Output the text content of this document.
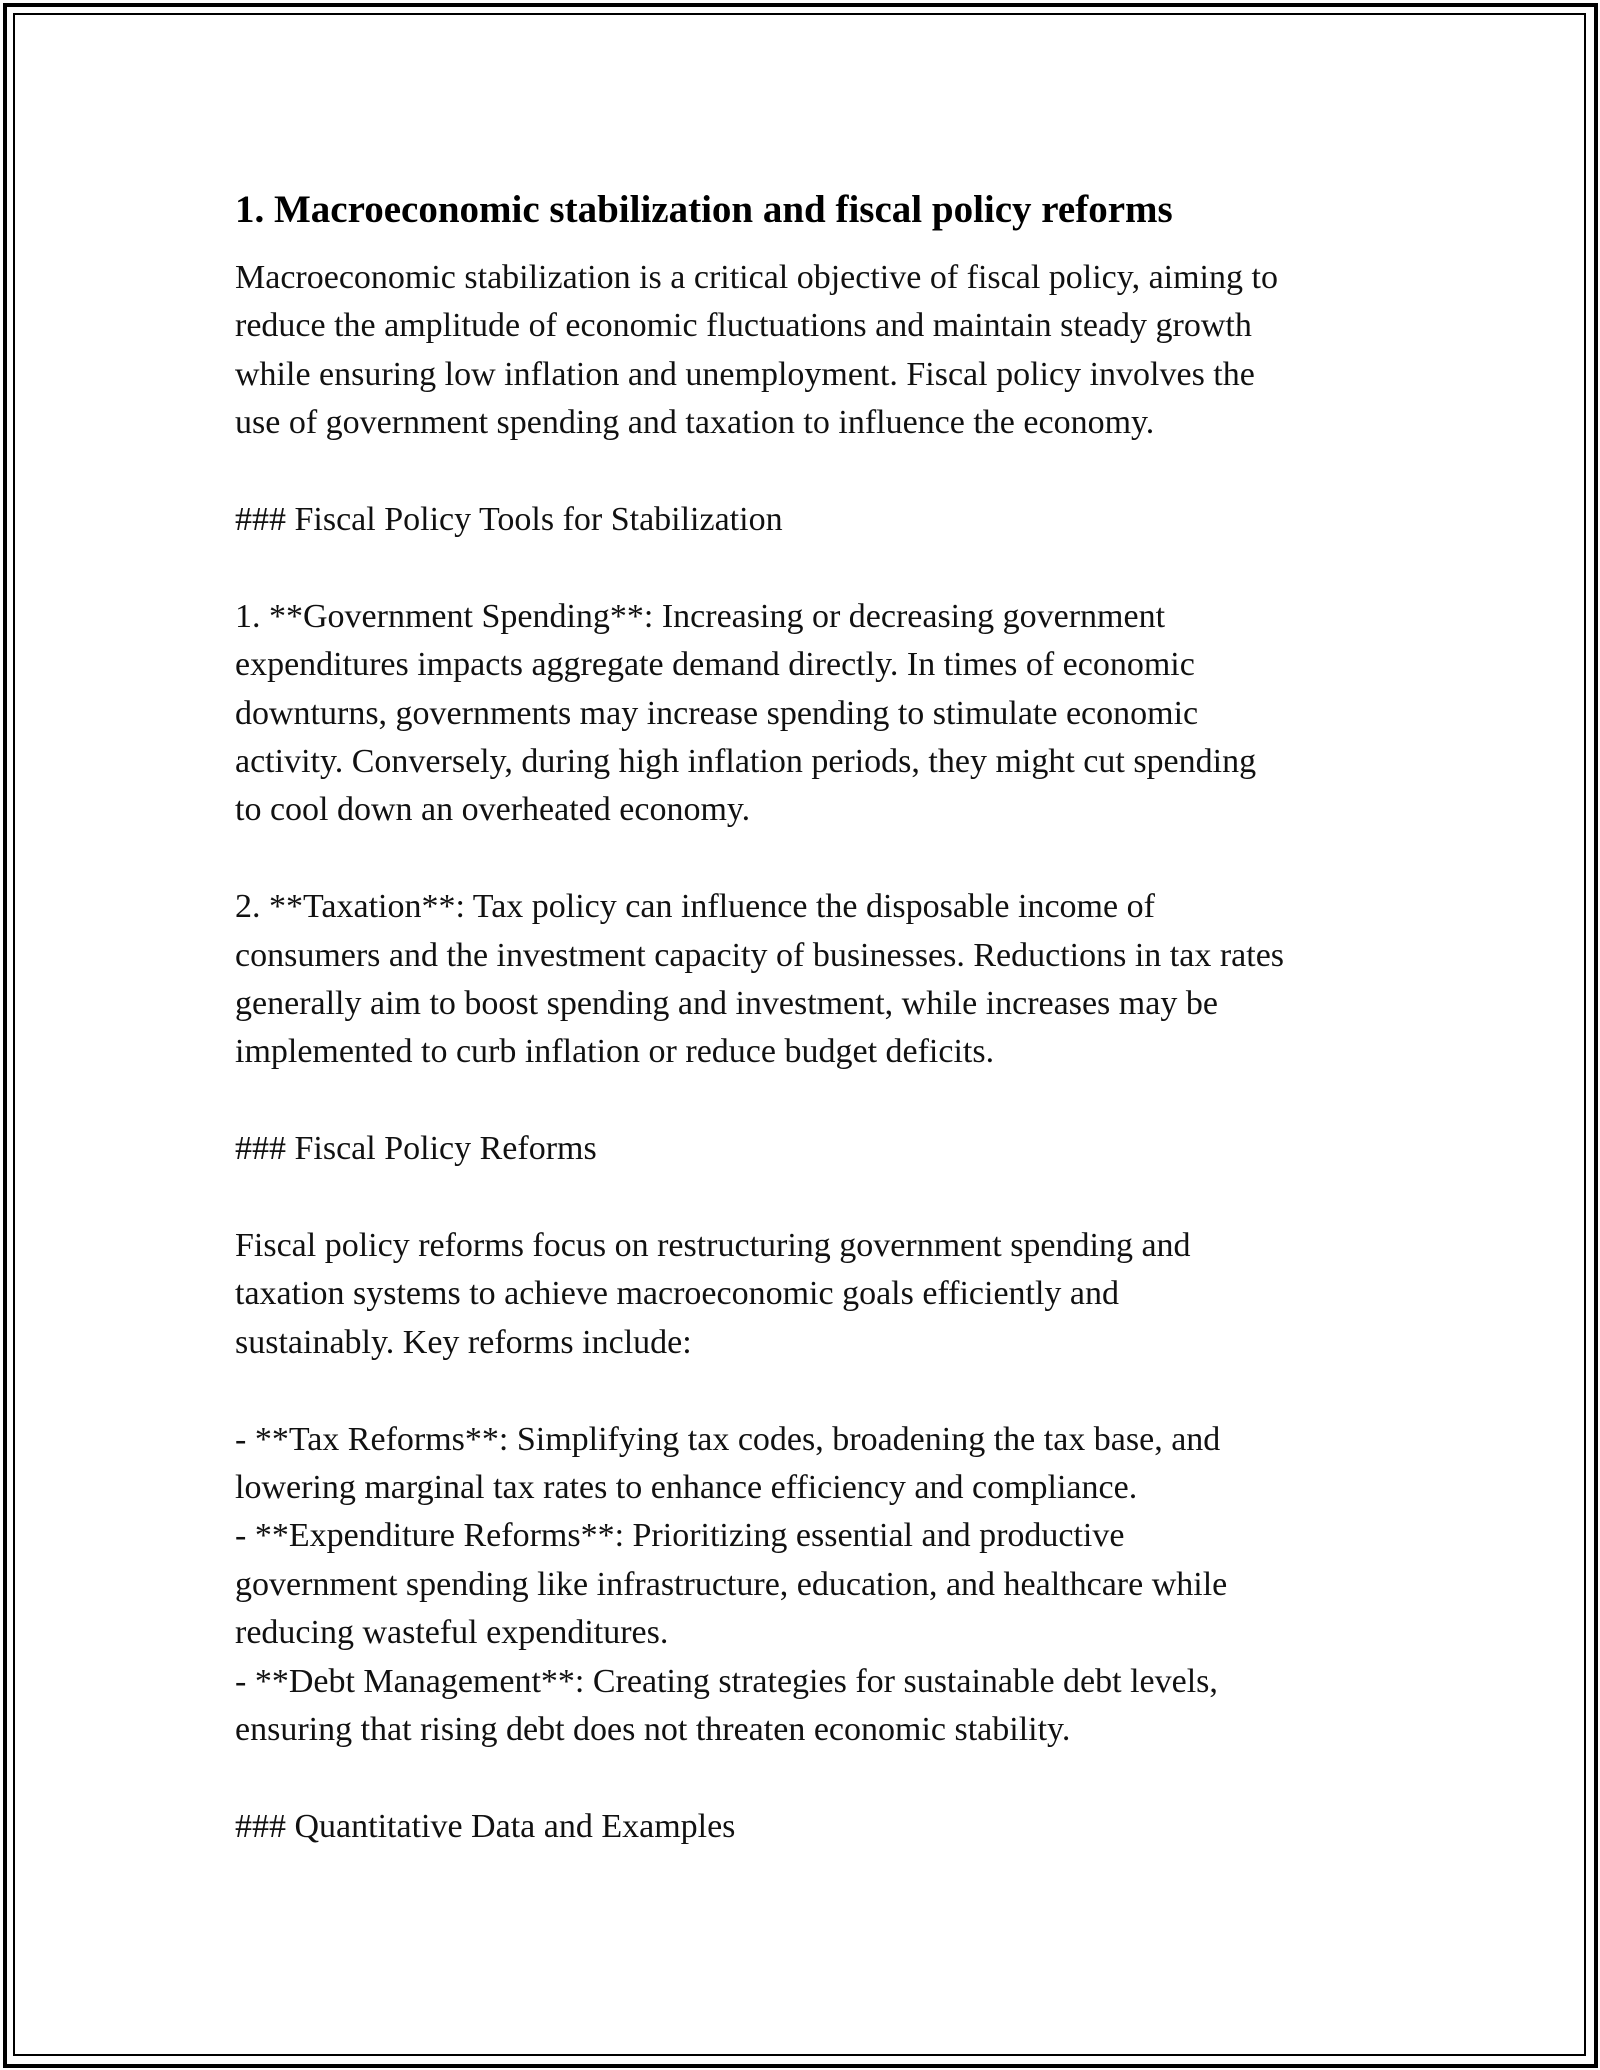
1. Macroeconomic stabilization and fiscal policy reforms

Macroeconomic stabilization is a critical objective of fiscal policy, aiming to
reduce the amplitude of economic fluctuations and maintain steady growth
while ensuring low inflation and unemployment. Fiscal policy involves the
use of government spending and taxation to influence the economy.

### Fiscal Policy Tools for Stabilization

1. **Government Spending**: Increasing or decreasing government
expenditures impacts aggregate demand directly. In times of economic
downturns, governments may increase spending to stimulate economic
activity. Conversely, during high inflation periods, they might cut spending
to cool down an overheated economy.

2. **Taxation**: Tax policy can influence the disposable income of
consumers and the investment capacity of businesses. Reductions in tax rates
generally aim to boost spending and investment, while increases may be
implemented to curb inflation or reduce budget deficits.

### Fiscal Policy Reforms

Fiscal policy reforms focus on restructuring government spending and
taxation systems to achieve macroeconomic goals efficiently and
sustainably. Key reforms include:

- **Tax Reforms**: Simplifying tax codes, broadening the tax base, and
lowering marginal tax rates to enhance efficiency and compliance.

- **Expenditure Reforms**: Prioritizing essential and productive
government spending like infrastructure, education, and healthcare while
reducing wasteful expenditures.

- **Debt Management**: Creating strategies for sustainable debt levels,
ensuring that rising debt does not threaten economic stability.

### Quantitative Data and Examples
